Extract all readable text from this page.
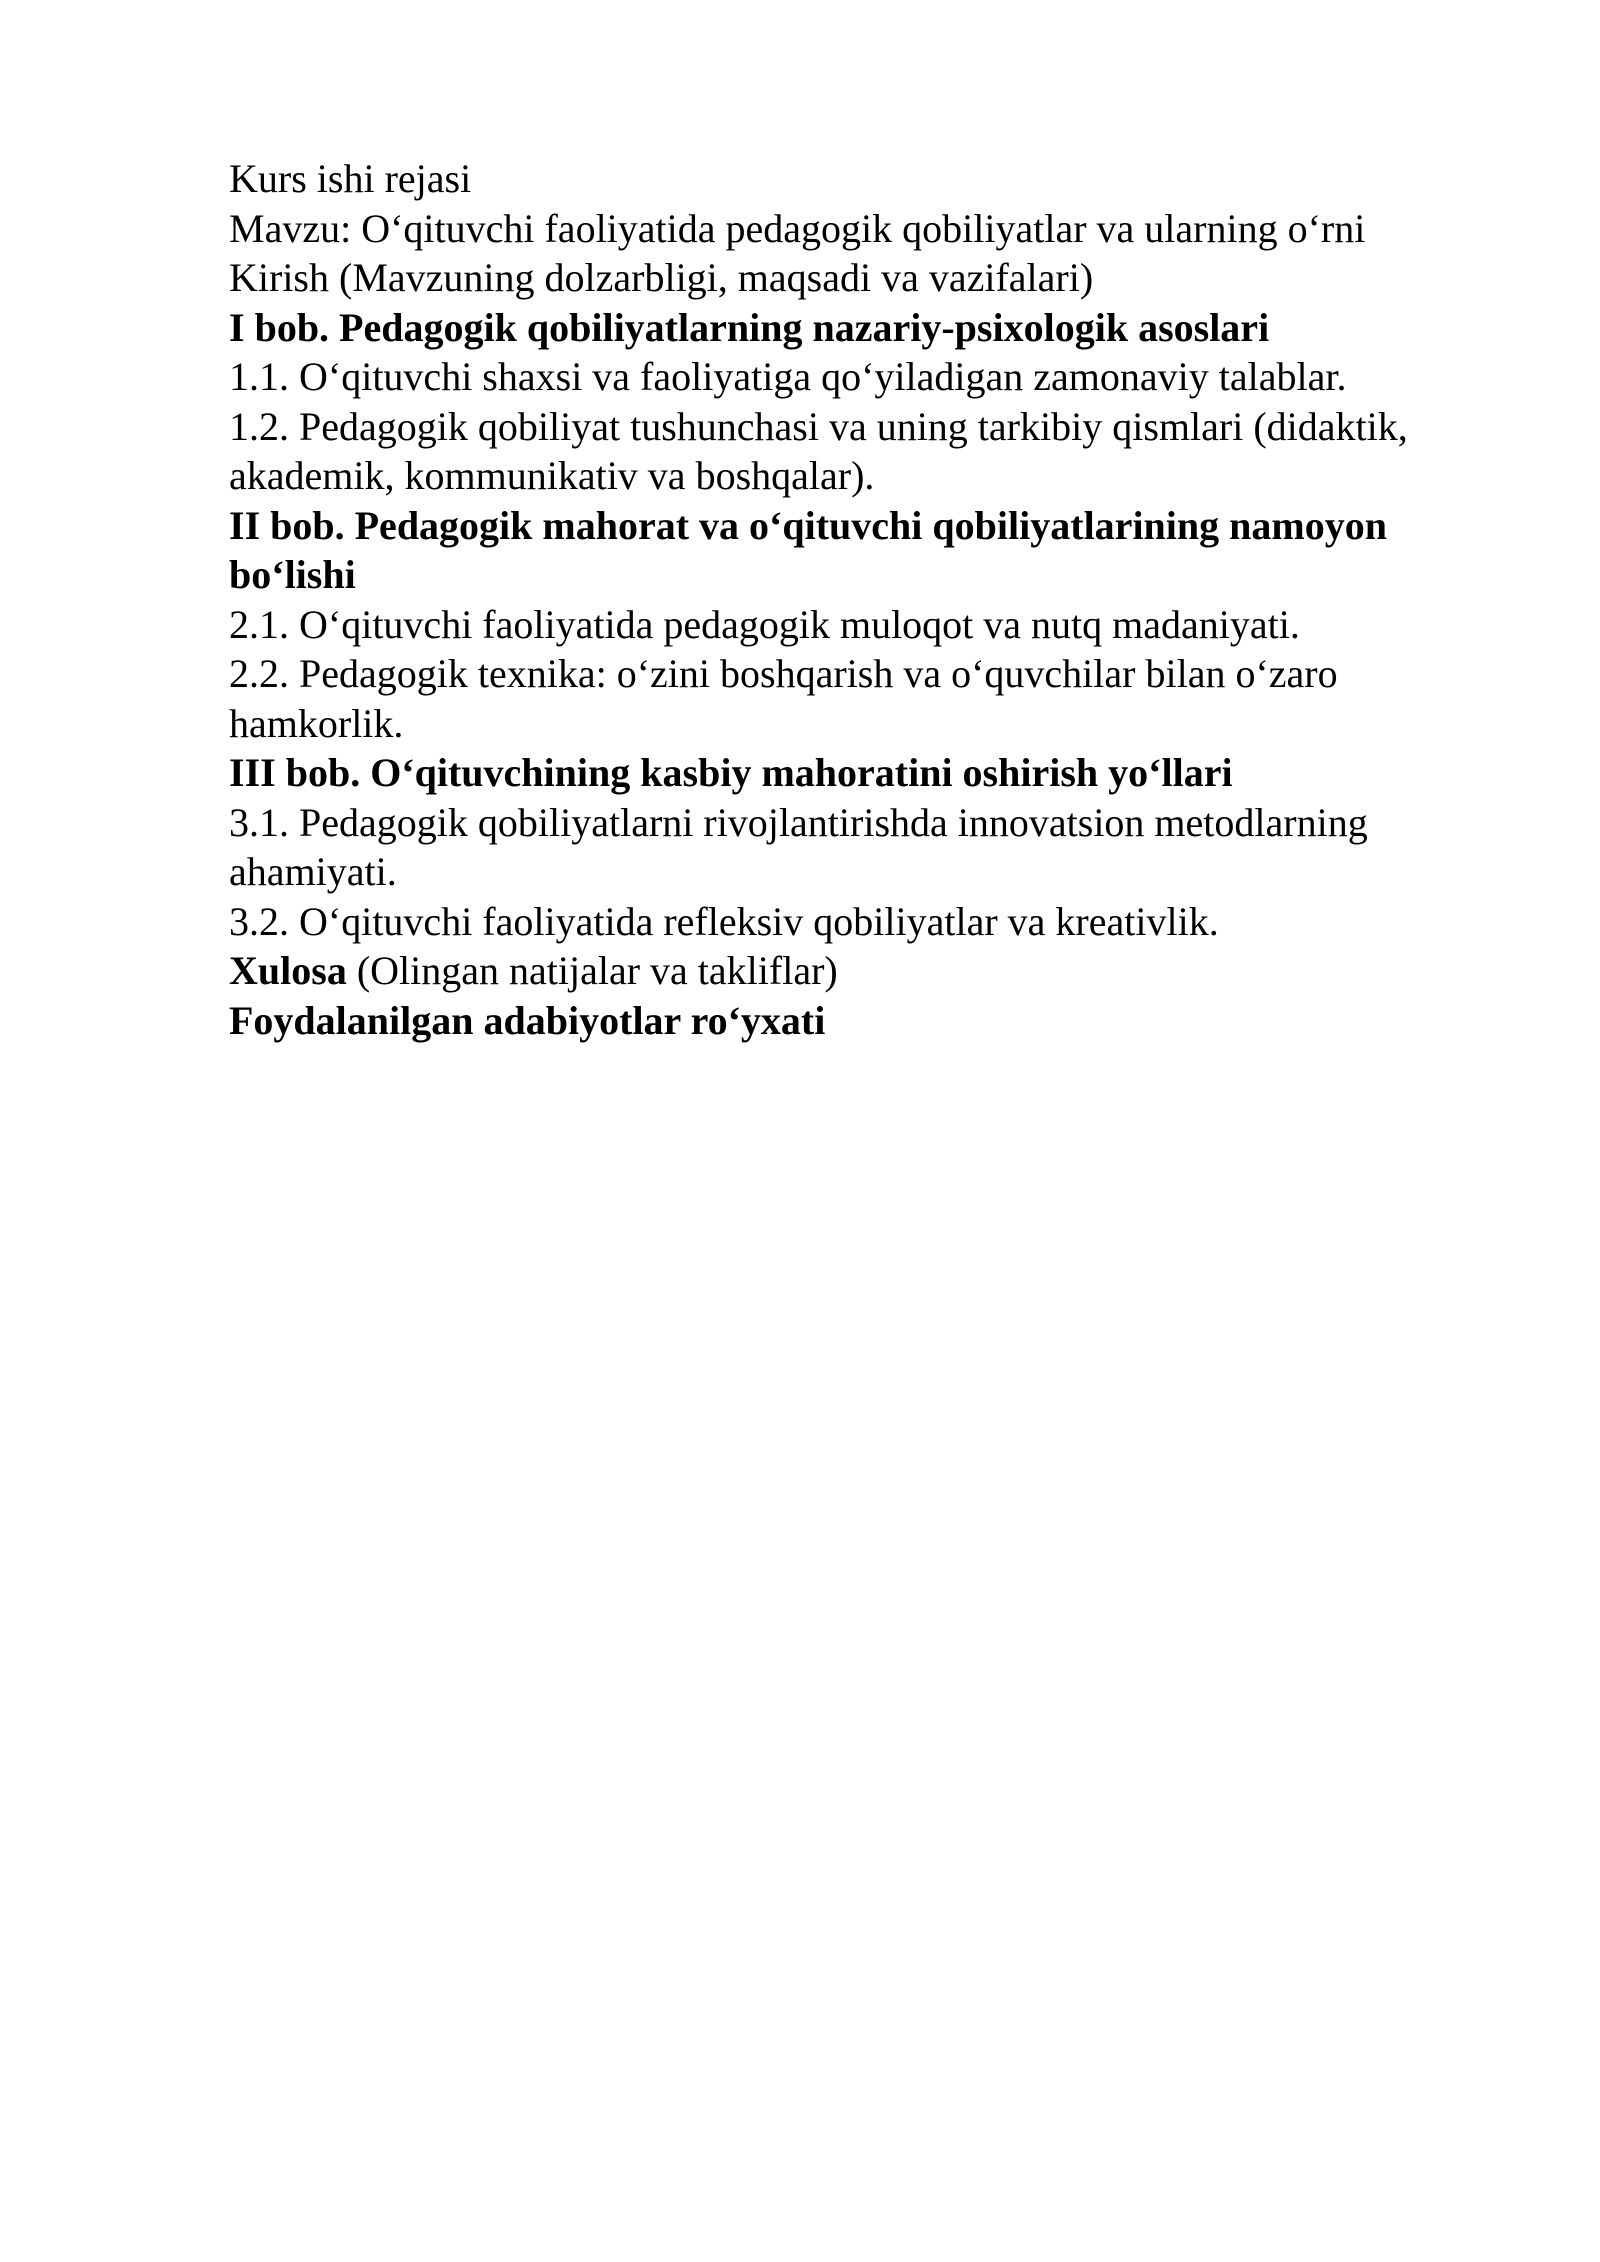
Kurs ishi rejasi

Mavzu: O‘qituvchi faoliyatida pedagogik qobiliyatlar va ularning o‘rni

Kirish (Mavzuning dolzarbligi, maqsadi va vazifalari)

I bob. Pedagogik qobiliyatlarning nazariy-psixologik asoslari

1.1. O‘qituvchi shaxsi va faoliyatiga qo‘yiladigan zamonaviy talablar.

1.2. Pedagogik qobiliyat tushunchasi va uning tarkibiy qismlari (didaktik, akademik, kommunikativ va boshqalar).

II bob. Pedagogik mahorat va o‘qituvchi qobiliyatlarining namoyon bo‘lishi

2.1. O‘qituvchi faoliyatida pedagogik muloqot va nutq madaniyati.

2.2. Pedagogik texnika: o‘zini boshqarish va o‘quvchilar bilan o‘zaro hamkorlik.

III bob. O‘qituvchining kasbiy mahoratini oshirish yo‘llari

3.1. Pedagogik qobiliyatlarni rivojlantirishda innovatsion metodlarning ahamiyati.

3.2. O‘qituvchi faoliyatida refleksiv qobiliyatlar va kreativlik.

Xulosa (Olingan natijalar va takliflar)

Foydalanilgan adabiyotlar ro‘yxati
